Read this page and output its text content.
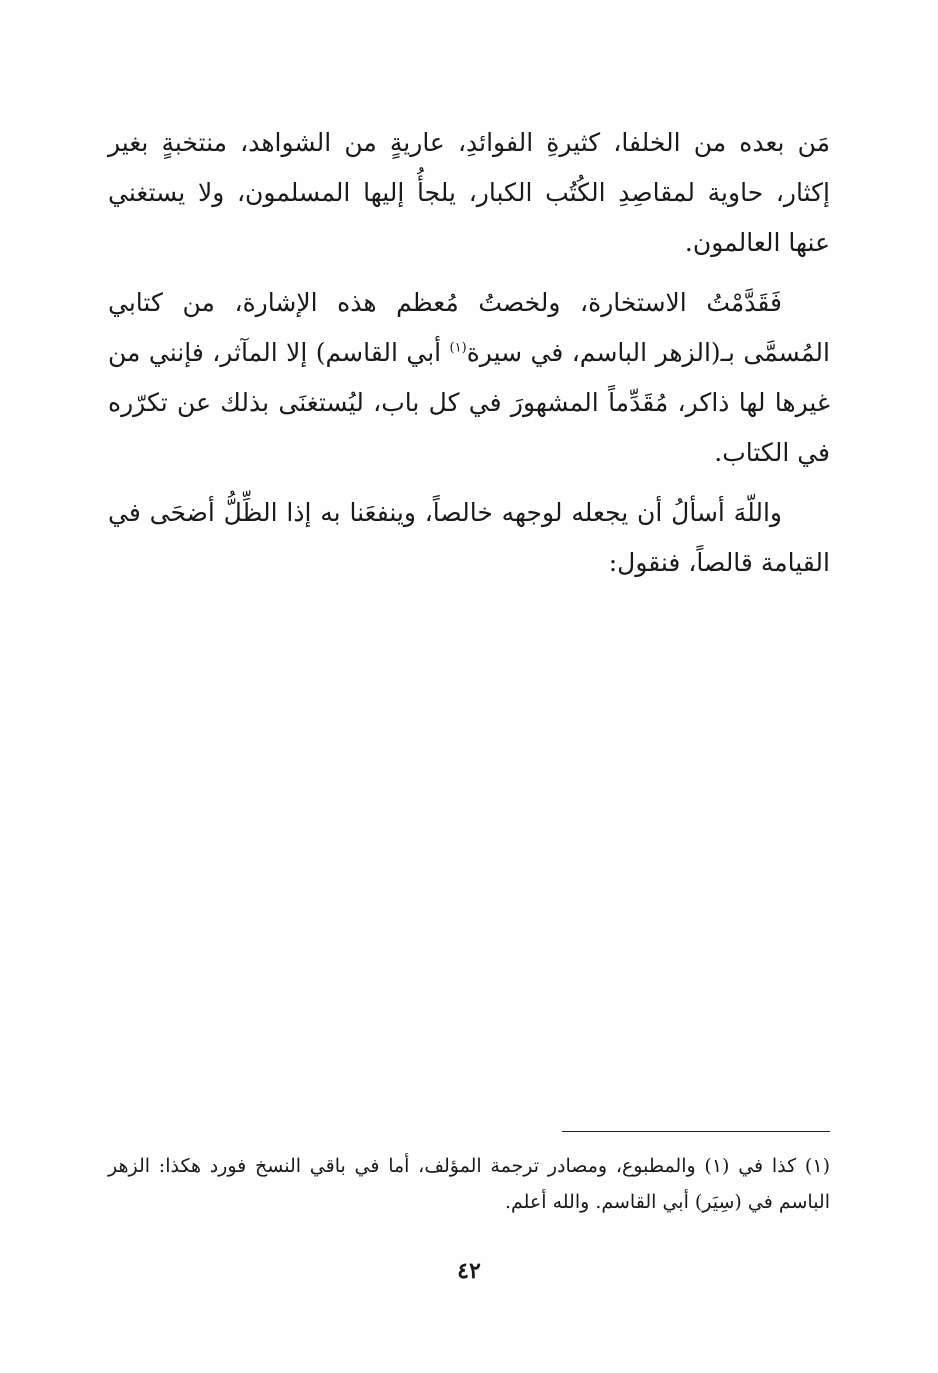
مَن بعده من الخلفا، كثيرةِ الفوائدِ، عاريةٍ من الشواهد، منتخبةٍ بغير إكثار، حاوية لمقاصِدِ الكُتُب الكبار، يلجأُ إليها المسلمون، ولا يستغني عنها العالمون.

فَقَدَّمْتُ الاستخارة، ولخصتُ مُعظم هذه الإشارة، من كتابي المُسمَّى بـ(الزهر الباسم، في سيرة$^{(١)}$ أبي القاسم) إلا المآثر، فإنني من غيرها لها ذاكر، مُقَدِّماً المشهورَ في كل باب، ليُستغنَى بذلك عن تكرّره في الكتاب.

واللّهَ أسألُ أن يجعله لوجهه خالصاً، وينفعَنا به إذا الظِّلُّ أضحَى في القيامة قالصاً، فنقول:

(١) كذا في (١) والمطبوع، ومصادر ترجمة المؤلف، أما في باقي النسخ فورد هكذا: الزهر الباسم في (سِيَر) أبي القاسم. والله أعلم.

٤٢
